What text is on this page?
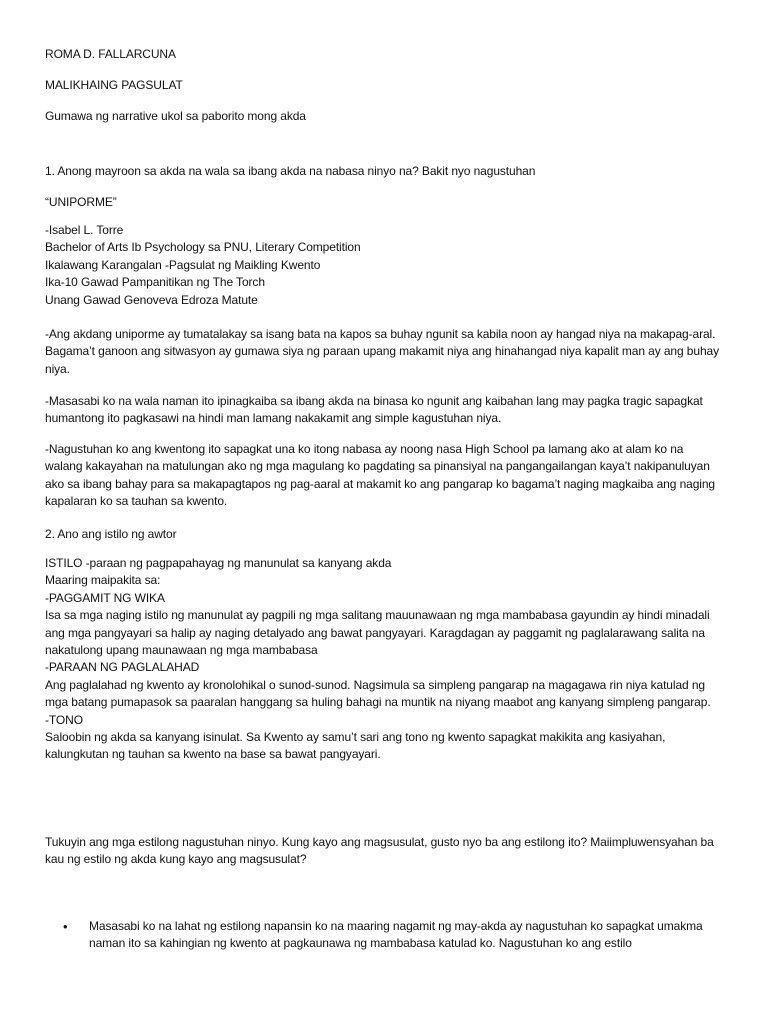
ROMA D. FALLARCUNA

MALIKHAING PAGSULAT

Gumawa ng narrative ukol sa paborito mong akda

1. Anong mayroon sa akda na wala sa ibang akda na nabasa ninyo na? Bakit nyo nagustuhan

“UNIPORME”

-Isabel L. Torre

Bachelor of Arts Ib Psychology sa PNU, Literary Competition

Ikalawang Karangalan -Pagsulat ng Maikling Kwento

Ika-10 Gawad Pampanitikan ng The Torch

Unang Gawad Genoveva Edroza Matute

-Ang akdang uniporme ay tumatalakay sa isang bata na kapos sa buhay ngunit sa kabila noon ay hangad niya na makapag-aral. Bagama’t ganoon ang sitwasyon ay gumawa siya ng paraan upang makamit niya ang hinahangad niya kapalit man ay ang buhay niya.

-Masasabi ko na wala naman ito ipinagkaiba sa ibang akda na binasa ko ngunit ang kaibahan lang may pagka tragic sapagkat humantong ito pagkasawi na hindi man lamang nakakamit ang simple kagustuhan niya.

-Nagustuhan ko ang kwentong ito sapagkat una ko itong nabasa ay noong nasa High School pa lamang ako at alam ko na walang kakayahan na matulungan ako ng mga magulang ko pagdating sa pinansiyal na pangangailangan kaya’t nakipanuluyan ako sa ibang bahay para sa makapagtapos ng pag-aaral at makamit ko ang pangarap ko bagama’t naging magkaiba ang naging kapalaran ko sa tauhan sa kwento.

2. Ano ang istilo ng awtor

ISTILO -paraan ng pagpapahayag ng manunulat sa kanyang akda

Maaring maipakita sa:

-PAGGAMIT NG WIKA

Isa sa mga naging istilo ng manunulat ay pagpili ng mga salitang mauunawaan ng mga mambabasa gayundin ay hindi minadali ang mga pangyayari sa halip ay naging detalyado ang bawat pangyayari. Karagdagan ay paggamit ng paglalarawang salita na nakatulong upang maunawaan ng mga mambabasa

-PARAAN NG PAGLALAHAD

Ang paglalahad ng kwento ay kronolohikal o sunod-sunod. Nagsimula sa simpleng pangarap na magagawa rin niya katulad ng mga batang pumapasok sa paaralan hanggang sa huling bahagi na muntik na niyang maabot ang kanyang simpleng pangarap.

-TONO

Saloobin ng akda sa kanyang isinulat. Sa Kwento ay samu’t sari ang tono ng kwento sapagkat makikita ang kasiyahan, kalungkutan ng tauhan sa kwento na base sa bawat pangyayari.

Tukuyin ang mga estilong nagustuhan ninyo. Kung kayo ang magsusulat, gusto nyo ba ang estilong ito? Maiimpluwensyahan ba kau ng estilo ng akda kung kayo ang magsusulat?

•	Masasabi ko na lahat ng estilong napansin ko na maaring nagamit ng may-akda ay nagustuhan ko sapagkat umakma naman ito sa kahingian ng kwento at pagkaunawa ng mambabasa katulad ko. Nagustuhan ko ang estilo
